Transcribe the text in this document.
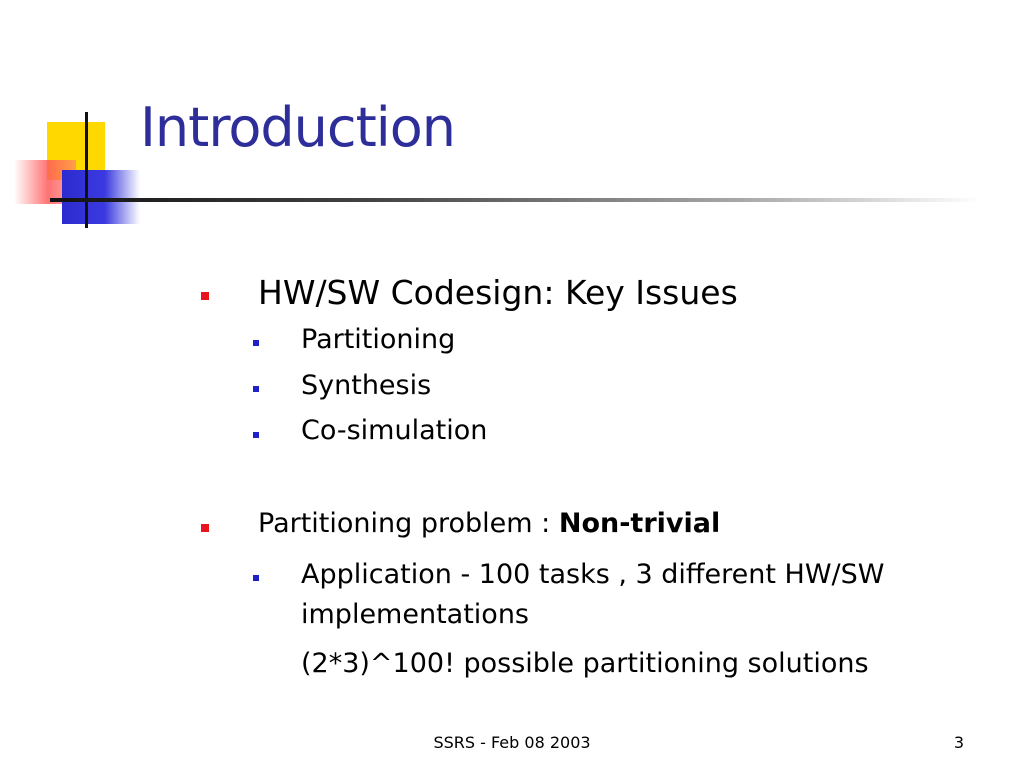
Introduction
HW/SW Codesign: Key Issues
Partitioning
Synthesis
Co-simulation
Partitioning problem : Non-trivial
Application - 100 tasks , 3 different HW/SW
implementations
(2*3)^100! possible partitioning solutions
SSRS - Feb 08 2003	3
